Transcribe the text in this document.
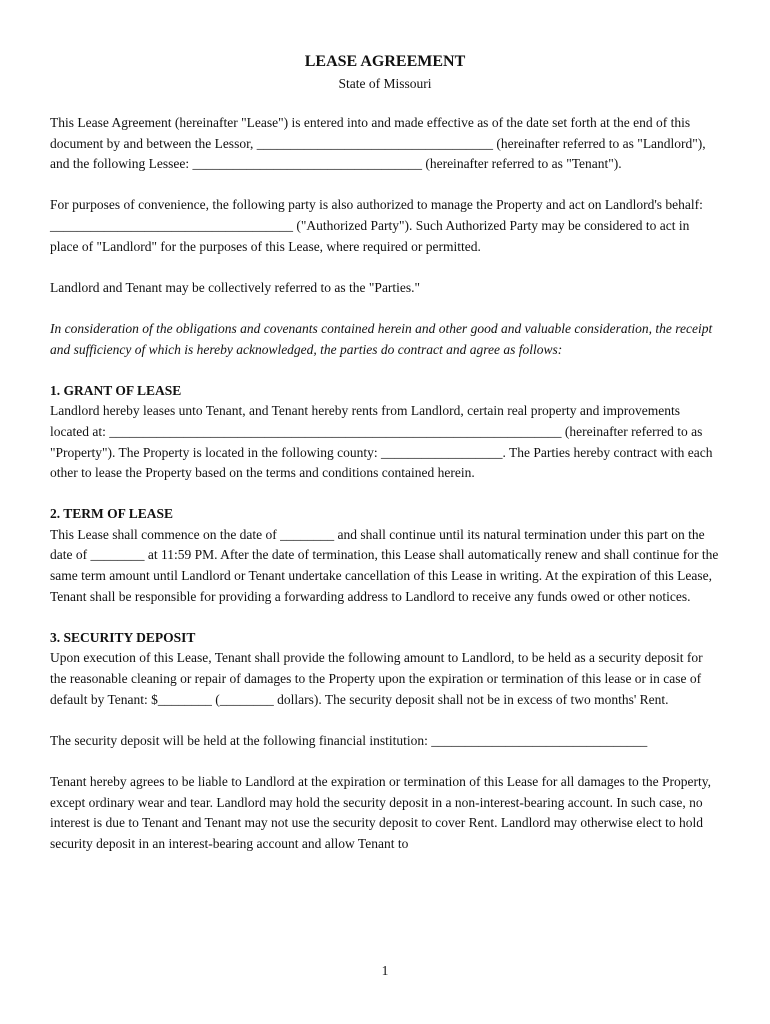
LEASE AGREEMENT
State of Missouri

This Lease Agreement (hereinafter "Lease") is entered into and made effective as of the date set forth at the end of this document by and between the Lessor, ___________________________________ (hereinafter referred to as "Landlord"), and the following Lessee: __________________________________ (hereinafter referred to as "Tenant").

For purposes of convenience, the following party is also authorized to manage the Property and act on Landlord's behalf: ____________________________________ ("Authorized Party"). Such Authorized Party may be considered to act in place of "Landlord" for the purposes of this Lease, where required or permitted.

Landlord and Tenant may be collectively referred to as the "Parties."

In consideration of the obligations and covenants contained herein and other good and valuable consideration, the receipt and sufficiency of which is hereby acknowledged, the parties do contract and agree as follows:

1. GRANT OF LEASE

Landlord hereby leases unto Tenant, and Tenant hereby rents from Landlord, certain real property and improvements located at: ___________________________________________________________________ (hereinafter referred to as "Property"). The Property is located in the following county: __________________. The Parties hereby contract with each other to lease the Property based on the terms and conditions contained herein.

2. TERM OF LEASE

This Lease shall commence on the date of ________ and shall continue until its natural termination under this part on the date of ________ at 11:59 PM. After the date of termination, this Lease shall automatically renew and shall continue for the same term amount until Landlord or Tenant undertake cancellation of this Lease in writing. At the expiration of this Lease, Tenant shall be responsible for providing a forwarding address to Landlord to receive any funds owed or other notices.

3. SECURITY DEPOSIT

Upon execution of this Lease, Tenant shall provide the following amount to Landlord, to be held as a security deposit for the reasonable cleaning or repair of damages to the Property upon the expiration or termination of this lease or in case of default by Tenant: $________ (________ dollars). The security deposit shall not be in excess of two months' Rent.

The security deposit will be held at the following financial institution: ________________________________

Tenant hereby agrees to be liable to Landlord at the expiration or termination of this Lease for all damages to the Property, except ordinary wear and tear. Landlord may hold the security deposit in a non-interest-bearing account. In such case, no interest is due to Tenant and Tenant may not use the security deposit to cover Rent. Landlord may otherwise elect to hold security deposit in an interest-bearing account and allow Tenant to

1
